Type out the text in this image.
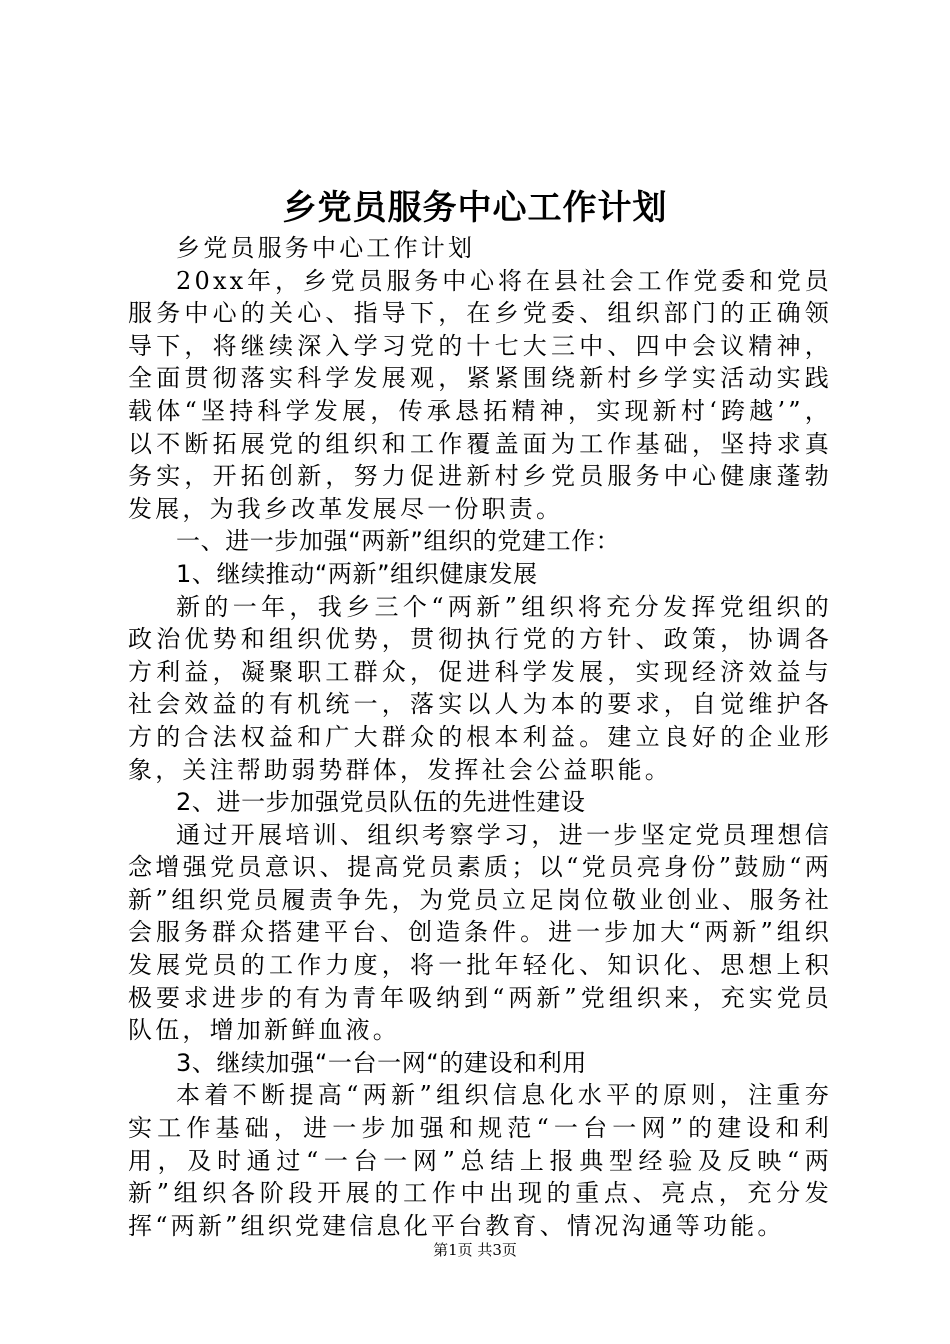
乡党员服务中心工作计划

乡党员服务中心工作计划

20xx年，乡党员服务中心将在县社会工作党委和党员服务中心的关心、指导下，在乡党委、组织部门的正确领导下，将继续深入学习党的十七大三中、四中会议精神，全面贯彻落实科学发展观，紧紧围绕新村乡学实活动实践载体“坚持科学发展，传承恳拓精神，实现新村‘跨越’”，以不断拓展党的组织和工作覆盖面为工作基础，坚持求真务实，开拓创新，努力促进新村乡党员服务中心健康蓬勃发展，为我乡改革发展尽一份职责。

一、进一步加强“两新”组织的党建工作：

1、继续推动“两新”组织健康发展

新的一年，我乡三个“两新”组织将充分发挥党组织的政治优势和组织优势，贯彻执行党的方针、政策，协调各方利益，凝聚职工群众，促进科学发展，实现经济效益与社会效益的有机统一，落实以人为本的要求，自觉维护各方的合法权益和广大群众的根本利益。建立良好的企业形象，关注帮助弱势群体，发挥社会公益职能。

2、进一步加强党员队伍的先进性建设

通过开展培训、组织考察学习，进一步坚定党员理想信念增强党员意识、提高党员素质；以“党员亮身份”鼓励“两新”组织党员履责争先，为党员立足岗位敬业创业、服务社会服务群众搭建平台、创造条件。进一步加大“两新”组织发展党员的工作力度，将一批年轻化、知识化、思想上积极要求进步的有为青年吸纳到“两新”党组织来，充实党员队伍，增加新鲜血液。

3、继续加强“一台一网“的建设和利用

本着不断提高“两新”组织信息化水平的原则，注重夯实工作基础，进一步加强和规范“一台一网”的建设和利用，及时通过“一台一网”总结上报典型经验及反映“两新”组织各阶段开展的工作中出现的重点、亮点，充分发挥“两新”组织党建信息化平台教育、情况沟通等功能。

第1页 共3页
